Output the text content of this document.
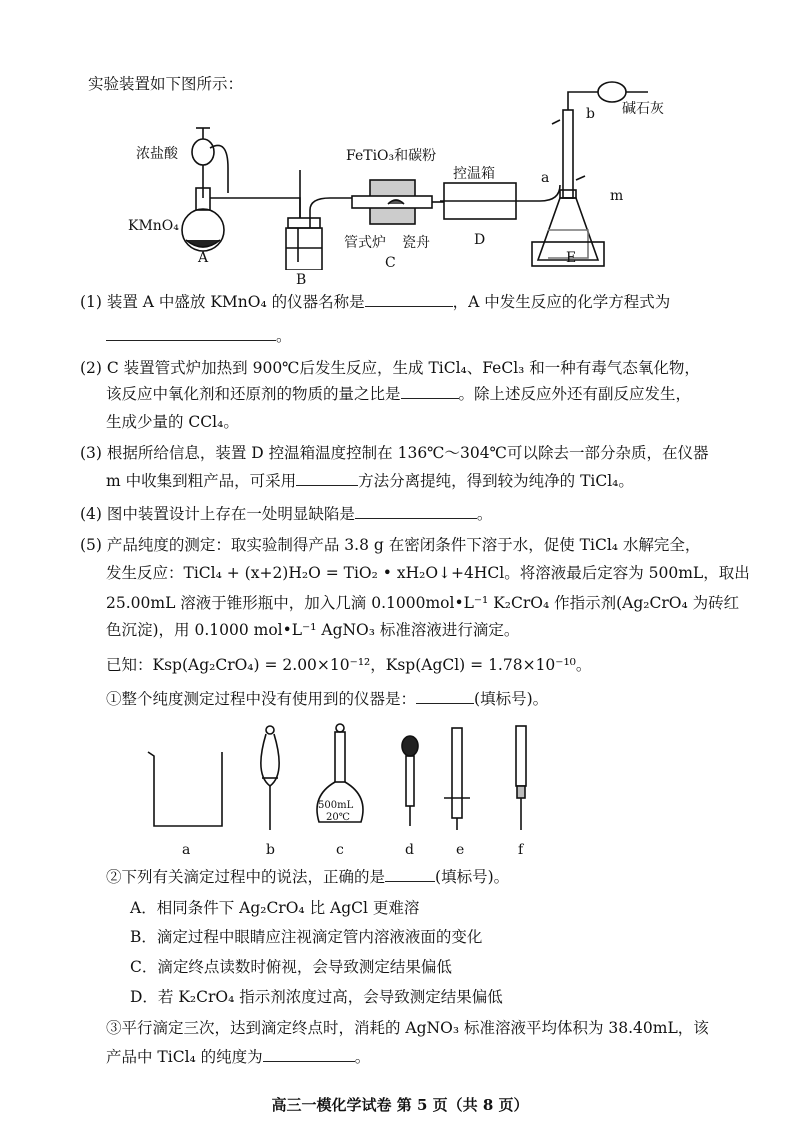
实验装置如下图所示：
浓盐酸
KMnO₄
A
B
FeTiO₃和碳粉
管式炉 瓷舟
C
控温箱
D
a
b 碱石灰
m
E
(1) 装置 A 中盛放 KMnO₄ 的仪器名称是	，A 中发生反应的化学方程式为
。
(2) C 装置管式炉加热到 900℃后发生反应，生成 TiCl₄、FeCl₃ 和一种有毒气态氧化物，
该反应中氧化剂和还原剂的物质的量之比是	。除上述反应外还有副反应发生，
生成少量的 CCl₄。
(3) 根据所给信息，装置 D 控温箱温度控制在 136℃～304℃可以除去一部分杂质，在仪器
m 中收集到粗产品，可采用	方法分离提纯，得到较为纯净的 TiCl₄。
(4) 图中装置设计上存在一处明显缺陷是	。
(5) 产品纯度的测定：取实验制得产品 3.8 g 在密闭条件下溶于水，促使 TiCl₄ 水解完全，
发生反应：TiCl₄ + (x+2)H₂O = TiO₂ • xH₂O↓+4HCl。将溶液最后定容为 500mL，取出
25.00mL 溶液于锥形瓶中，加入几滴 0.1000mol•L⁻¹ K₂CrO₄ 作指示剂(Ag₂CrO₄ 为砖红
色沉淀)，用 0.1000 mol•L⁻¹ AgNO₃ 标准溶液进行滴定。
已知：Ksp(Ag₂CrO₄) = 2.00×10⁻¹²，Ksp(AgCl) = 1.78×10⁻¹⁰。
①整个纯度测定过程中没有使用到的仪器是：	(填标号)。
500mL
20℃
a	b	c	d	e	f
②下列有关滴定过程中的说法，正确的是	(填标号)。
A．相同条件下 Ag₂CrO₄ 比 AgCl 更难溶
B．滴定过程中眼睛应注视滴定管内溶液液面的变化
C．滴定终点读数时俯视，会导致测定结果偏低
D．若 K₂CrO₄ 指示剂浓度过高，会导致测定结果偏低
③平行滴定三次，达到滴定终点时，消耗的 AgNO₃ 标准溶液平均体积为 38.40mL，该
产品中 TiCl₄ 的纯度为	。
高三一模化学试卷 第 5 页（共 8 页）
